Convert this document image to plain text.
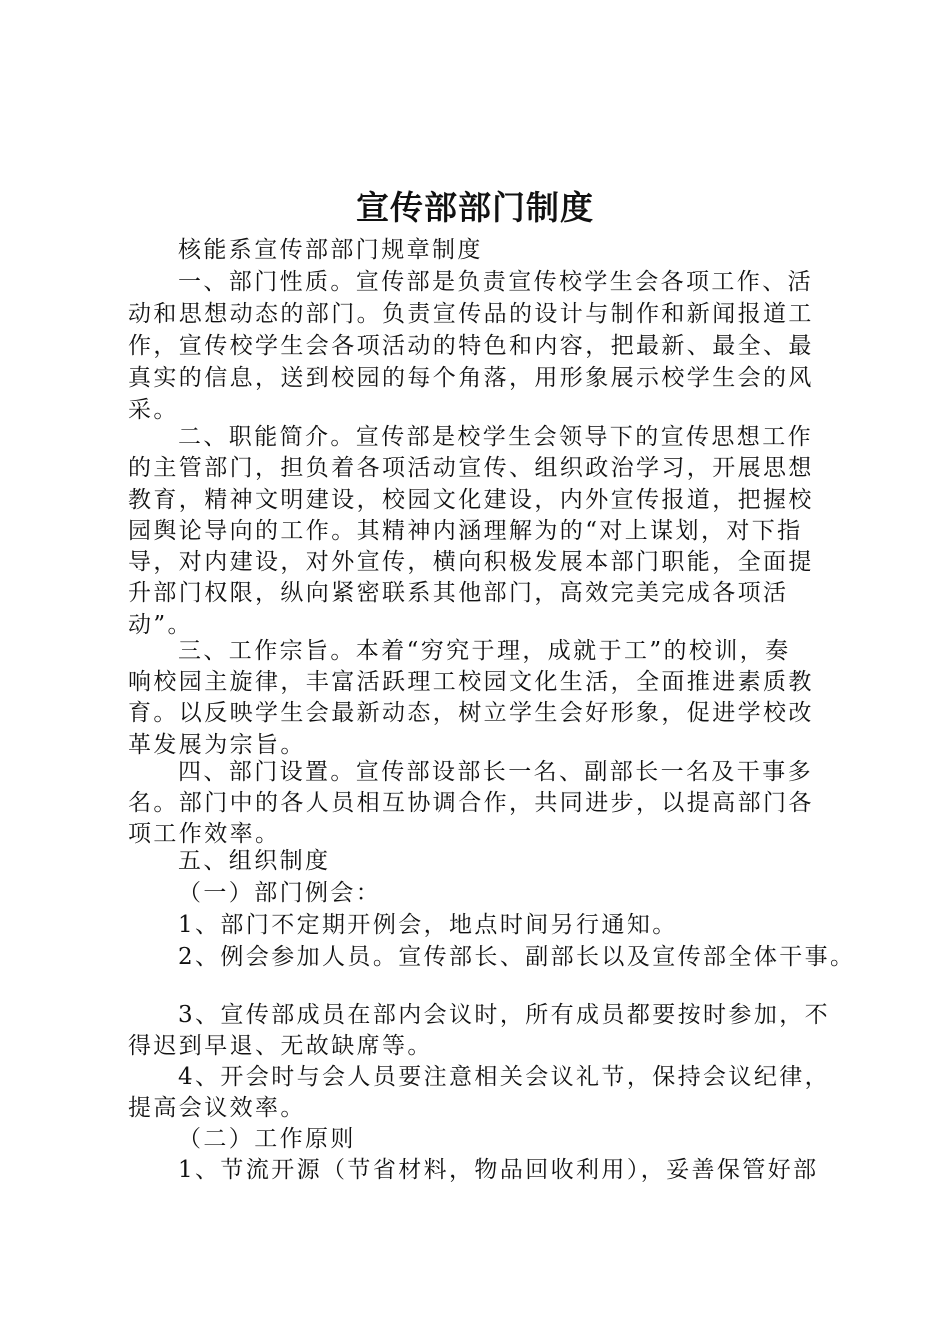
宣传部部门制度
核能系宣传部部门规章制度
一、部门性质。宣传部是负责宣传校学生会各项工作、活
动和思想动态的部门。负责宣传品的设计与制作和新闻报道工
作，宣传校学生会各项活动的特色和内容，把最新、最全、最
真实的信息，送到校园的每个角落，用形象展示校学生会的风
采。
二、职能简介。宣传部是校学生会领导下的宣传思想工作
的主管部门，担负着各项活动宣传、组织政治学习，开展思想
教育，精神文明建设，校园文化建设，内外宣传报道，把握校
园舆论导向的工作。其精神内涵理解为的“对上谋划，对下指
导，对内建设，对外宣传，横向积极发展本部门职能，全面提
升部门权限，纵向紧密联系其他部门，高效完美完成各项活
动”。
三、工作宗旨。本着“穷究于理，成就于工”的校训，奏
响校园主旋律，丰富活跃理工校园文化生活，全面推进素质教
育。以反映学生会最新动态，树立学生会好形象，促进学校改
革发展为宗旨。
四、部门设置。宣传部设部长一名、副部长一名及干事多
名。部门中的各人员相互协调合作，共同进步，以提高部门各
项工作效率。
五、组织制度
（一）部门例会：
1、部门不定期开例会，地点时间另行通知。
2、例会参加人员。宣传部长、副部长以及宣传部全体干事。
3、宣传部成员在部内会议时，所有成员都要按时参加，不
得迟到早退、无故缺席等。
4、开会时与会人员要注意相关会议礼节，保持会议纪律，
提高会议效率。
（二）工作原则
1、节流开源（节省材料，物品回收利用），妥善保管好部
